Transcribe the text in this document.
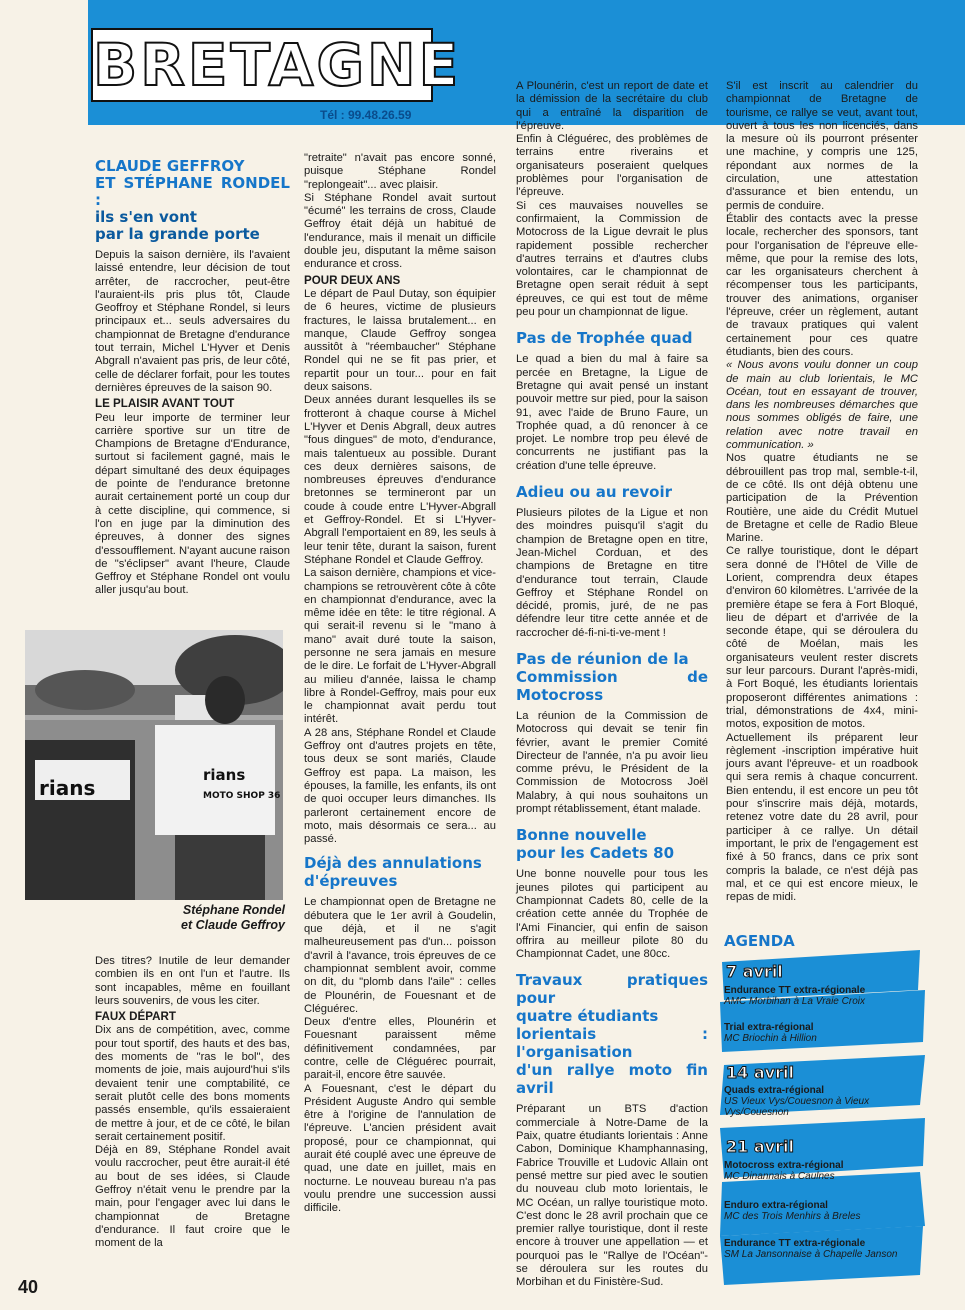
BRETAGNE
Tél : 99.48.26.59
CLAUDE GEFFROY
ET STÉPHANE RONDEL :
ils s'en vont
par la grande porte

Depuis la saison dernière, ils l'avaient laissé entendre, leur décision de tout arrêter, de raccrocher, peut-être l'auraient-ils pris plus tôt, Claude Geoffroy et Stéphane Rondel, si leurs principaux et... seuls adversaires du championnat de Bretagne d'endurance tout terrain, Michel L'Hyver et Denis Abgrall n'avaient pas pris, de leur côté, celle de déclarer forfait, pour les toutes dernières épreuves de la saison 90.

LE PLAISIR AVANT TOUT

Peu leur importe de terminer leur carrière sportive sur un titre de Champions de Bretagne d'Endurance, surtout si facilement gagné, mais le départ simultané des deux équipages de pointe de l'endurance bretonne aurait certainement porté un coup dur à cette discipline, qui commence, si l'on en juge par la diminution des épreuves, à donner des signes d'essoufflement. N'ayant aucune raison de "s'éclipser" avant l'heure, Claude Geffroy et Stéphane Rondel ont voulu aller jusqu'au bout.

rians
rians
MOTO SHOP 36
Stéphane Rondel
et Claude Geffroy

Des titres? Inutile de leur demander combien ils en ont l'un et l'autre. Ils sont incapables, même en fouillant leurs souvenirs, de vous les citer.

FAUX DÉPART

Dix ans de compétition, avec, comme pour tout sportif, des hauts et des bas, des moments de "ras le bol", des moments de joie, mais aujourd'hui s'ils devaient tenir une comptabilité, ce serait plutôt celle des bons moments passés ensemble, qu'ils essaieraient de mettre à jour, et de ce côté, le bilan serait certainement positif.

Déjà en 89, Stéphane Rondel avait voulu raccrocher, peut être aurait-il été au bout de ses idées, si Claude Geffroy n'était venu le prendre par la main, pour l'engager avec lui dans le championnat de Bretagne d'endurance. Il faut croire que le moment de la

"retraite" n'avait pas encore sonné, puisque Stéphane Rondel "replongeait"... avec plaisir.

Si Stéphane Rondel avait surtout "écumé" les terrains de cross, Claude Geffroy était déjà un habitué de l'endurance, mais il menait un difficile double jeu, disputant la même saison endurance et cross.

POUR DEUX ANS

Le départ de Paul Dutay, son équipier de 6 heures, victime de plusieurs fractures, le laissa brutalement... en manque, Claude Geffroy songea aussitôt à "réembaucher" Stéphane Rondel qui ne se fit pas prier, et repartit pour un tour... pour en fait deux saisons.

Deux années durant lesquelles ils se frotteront à chaque course à Michel L'Hyver et Denis Abgrall, deux autres "fous dingues" de moto, d'endurance, mais talentueux au possible. Durant ces deux dernières saisons, de nombreuses épreuves d'endurance bretonnes se termineront par un coude à coude entre L'Hyver-Abgrall et Geffroy-Rondel. Et si L'Hyver-Abgrall l'emportaient en 89, les seuls à leur tenir tête, durant la saison, furent Stéphane Rondel et Claude Geffroy.

La saison dernière, champions et vice-champions se retrouvèrent côte à côte en championnat d'endurance, avec la même idée en tête: le titre régional. A qui serait-il revenu si le "mano à mano" avait duré toute la saison, personne ne sera jamais en mesure de le dire. Le forfait de L'Hyver-Abgrall au milieu d'année, laissa le champ libre à Rondel-Geffroy, mais pour eux le championnat avait perdu tout intérêt.

A 28 ans, Stéphane Rondel et Claude Geffroy ont d'autres projets en tête, tous deux se sont mariés, Claude Geffroy est papa. La maison, les épouses, la famille, les enfants, ils ont de quoi occuper leurs dimanches. Ils parleront certainement encore de moto, mais désormais ce sera... au passé.

Déjà des annulations
d'épreuves

Le championnat open de Bretagne ne débutera que le 1er avril à Goudelin, que déjà, et il ne s'agit malheureusement pas d'un... poisson d'avril à l'avance, trois épreuves de ce championnat semblent avoir, comme on dit, du "plomb dans l'aile" : celles de Plounérin, de Fouesnant et de Cléguérec.

Deux d'entre elles, Plounérin et Fouesnant paraissent même définitivement condamnées, par contre, celle de Cléguérec pourrait, parait-il, encore être sauvée.

A Fouesnant, c'est le départ du Président Auguste Andro qui semble être à l'origine de l'annulation de l'épreuve. L'ancien président avait proposé, pour ce championnat, qui aurait été couplé avec une épreuve de quad, une date en juillet, mais en nocturne. Le nouveau bureau n'a pas voulu prendre une succession aussi difficile.

A Plounérin, c'est un report de date et la démission de la secrétaire du club qui a entraîné la disparition de l'épreuve.

Enfin à Cléguérec, des problèmes de terrains entre riverains et organisateurs poseraient quelques problèmes pour l'organisation de l'épreuve.

Si ces mauvaises nouvelles se confirmaient, la Commission de Motocross de la Ligue devrait le plus rapidement possible rechercher d'autres terrains et d'autres clubs volontaires, car le championnat de Bretagne open serait réduit à sept épreuves, ce qui est tout de même peu pour un championnat de ligue.

Pas de Trophée quad

Le quad a bien du mal à faire sa percée en Bretagne, la Ligue de Bretagne qui avait pensé un instant pouvoir mettre sur pied, pour la saison 91, avec l'aide de Bruno Faure, un Trophée quad, a dû renoncer à ce projet. Le nombre trop peu élevé de concurrents ne justifiant pas la création d'une telle épreuve.

Adieu ou au revoir

Plusieurs pilotes de la Ligue et non des moindres puisqu'il s'agit du champion de Bretagne open en titre, Jean-Michel Corduan, et des champions de Bretagne en titre d'endurance tout terrain, Claude Geffroy et Stéphane Rondel on décidé, promis, juré, de ne pas défendre leur titre cette année et de raccrocher dé-fi-ni-ti-ve-ment !

Pas de réunion de la
Commission de Motocross

La réunion de la Commission de Motocross qui devait se tenir fin février, avant le premier Comité Directeur de l'année, n'a pu avoir lieu comme prévu, le Président de la Commission de Motocross Joël Malabry, à qui nous souhaitons un prompt rétablissement, étant malade.

Bonne nouvelle
pour les Cadets 80

Une bonne nouvelle pour tous les jeunes pilotes qui participent au Championnat Cadets 80, celle de la création cette année du Trophée de l'Ami Financier, qui enfin de saison offrira au meilleur pilote 80 du Championnat Cadet, une 80cc.

Travaux pratiques pour
quatre étudiants
lorientais : l'organisation
d'un rallye moto fin avril

Préparant un BTS d'action commerciale à Notre-Dame de la Paix, quatre étudiants lorientais : Anne Cabon, Dominique Khamphannasing, Fabrice Trouville et Ludovic Allain ont pensé mettre sur pied avec le soutien du nouveau club moto lorientais, le MC Océan, un rallye touristique moto. C'est donc le 28 avril prochain que ce premier rallye touristique, dont il reste encore à trouver une appellation — et pourquoi pas le "Rallye de l'Océan"- se déroulera sur les routes du Morbihan et du Finistère-Sud.

S'il est inscrit au calendrier du championnat de Bretagne de tourisme, ce rallye se veut, avant tout, ouvert à tous les non licenciés, dans la mesure où ils pourront présenter une machine, y compris une 125, répondant aux normes de la circulation, une attestation d'assurance et bien entendu, un permis de conduire.

Établir des contacts avec la presse locale, rechercher des sponsors, tant pour l'organisation de l'épreuve elle-même, que pour la remise des lots, car les organisateurs cherchent à récompenser tous les participants, trouver des animations, organiser l'épreuve, créer un règlement, autant de travaux pratiques qui valent certainement pour ces quatre étudiants, bien des cours.

« Nous avons voulu donner un coup de main au club lorientais, le MC Océan, tout en essayant de trouver, dans les nombreuses démarches que nous sommes obligés de faire, une relation avec notre travail en communication. »

Nos quatre étudiants ne se débrouillent pas trop mal, semble-t-il, de ce côté. Ils ont déjà obtenu une participation de la Prévention Routière, une aide du Crédit Mutuel de Bretagne et celle de Radio Bleue Marine.

Ce rallye touristique, dont le départ sera donné de l'Hôtel de Ville de Lorient, comprendra deux étapes d'environ 60 kilomètres. L'arrivée de la première étape se fera à Fort Bloqué, lieu de départ et d'arrivée de la seconde étape, qui se déroulera du côté de Moélan, mais les organisateurs veulent rester discrets sur leur parcours. Durant l'après-midi, à Fort Boqué, les étudiants lorientais proposeront différentes animations : trial, démonstrations de 4x4, mini-motos, exposition de motos.

Actuellement ils préparent leur règlement -inscription impérative huit jours avant l'épreuve- et un roadbook qui sera remis à chaque concurrent. Bien entendu, il est encore un peu tôt pour s'inscrire mais déjà, motards, retenez votre date du 28 avril, pour participer à ce rallye. Un détail important, le prix de l'engagement est fixé à 50 francs, dans ce prix sont compris la balade, ce n'est déjà pas mal, et ce qui est encore mieux, le repas de midi.

AGENDA
7 avril
Endurance TT extra-régionale
AMC Morbihan à La Vraie Croix
Trial extra-régional
MC Briochin à Hillion
14 avril
Quads extra-régional
US Vieux Vys/Couesnon à Vieux Vys/Couesnon
21 avril
Motocross extra-régional
MC Dinannais à Caulnes
Enduro extra-régional
MC des Trois Menhirs à Breles
Endurance TT extra-régionale
SM La Jansonnaise à Chapelle Janson
40
